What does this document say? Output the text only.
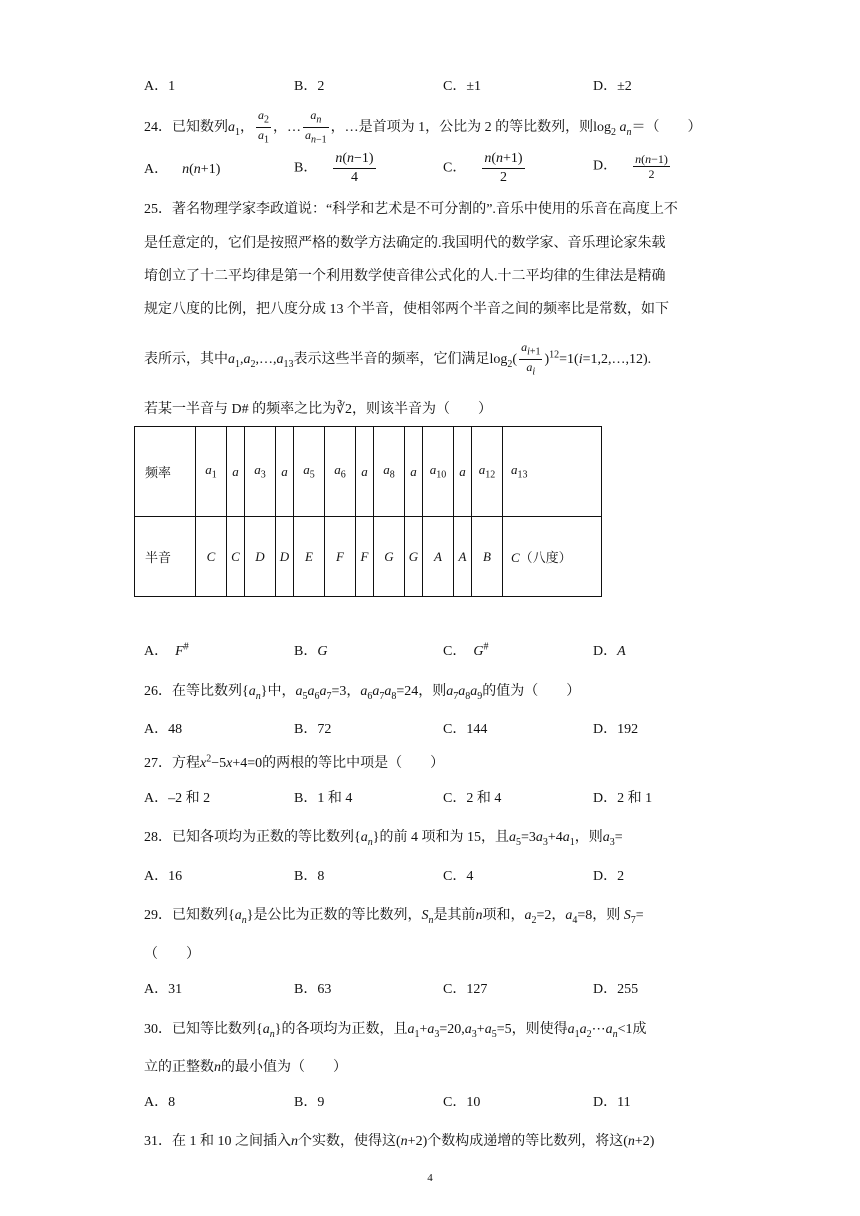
A．1	B．2	C．±1	D．±2
24．已知数列$a_1$， $\frac{a_2}{a_1}$ ，… $\frac{a_n}{a_{n-1}}$ ，…是首项为 1，公比为 2 的等比数列，则$\log_2 a_n=$（　　）
A． n(n+1)	B． $\frac{n(n-1)}{4}$	C． $\frac{n(n+1)}{2}$	D． $\frac{n(n-1)}{2}$
25．著名物理学家李政道说：“科学和艺术是不可分割的”.音乐中使用的乐音在高度上不
是任意定的，它们是按照严格的数学方法确定的.我国明代的数学家、音乐理论家朱载
堉创立了十二平均律是第一个利用数学使音律公式化的人.十二平均律的生律法是精确
规定八度的比例，把八度分成 13 个半音，使相邻两个半音之间的频率比是常数，如下
表所示，其中$a_1,a_2,\dots,a_{13}$表示这些半音的频率，它们满足$\log_2( \frac{a_{i+1}}{a_i}$ )$^{12}=1(i=1,2,\dots,12)$.
若某一半音与 D# 的频率之比为∛2，则该半音为（　　）
频率	$a_1$	a	$a_3$	a	$a_5$	$a_6$	a	$a_8$	a	$a_{10}$	a	$a_{12}$	$a_{13}$
半音	C	C	D	D	E	F	F	G	G	A	A	B	C（八度）
A． F#	B．G	C． G#	D．A
26．在等比数列$\{a_n\}$中，$a_5a_6a_7=3$，$a_6a_7a_8=24$，则$a_7a_8a_9$的值为（　　）
A．48	B．72	C．144	D．192
27．方程$x^2-5x+4=0$的两根的等比中项是（　　）
A．–2 和 2	B．1 和 4	C．2 和 4	D．2 和 1
28．已知各项均为正数的等比数列$\{a_n\}$的前 4 项和为 15，且$a_5=3a_3+4a_1$，则$a_3=$
A．16	B．8	C．4	D．2
29．已知数列$\{a_n\}$是公比为正数的等比数列，$S_n$是其前n项和，$a_2=2$，$a_4=8$，则 $S_7=$
（　　）
A．31	B．63	C．127	D．255
30．已知等比数列$\{a_n\}$的各项均为正数，且$a_1+a_3=20,a_3+a_5=5$，则使得$a_1a_2\cdots a_n<1$成
立的正整数n的最小值为（　　）
A．8	B．9	C．10	D．11
31．在 1 和 10 之间插入n个实数，使得这(n+2)个数构成递增的等比数列，将这(n+2)
4
